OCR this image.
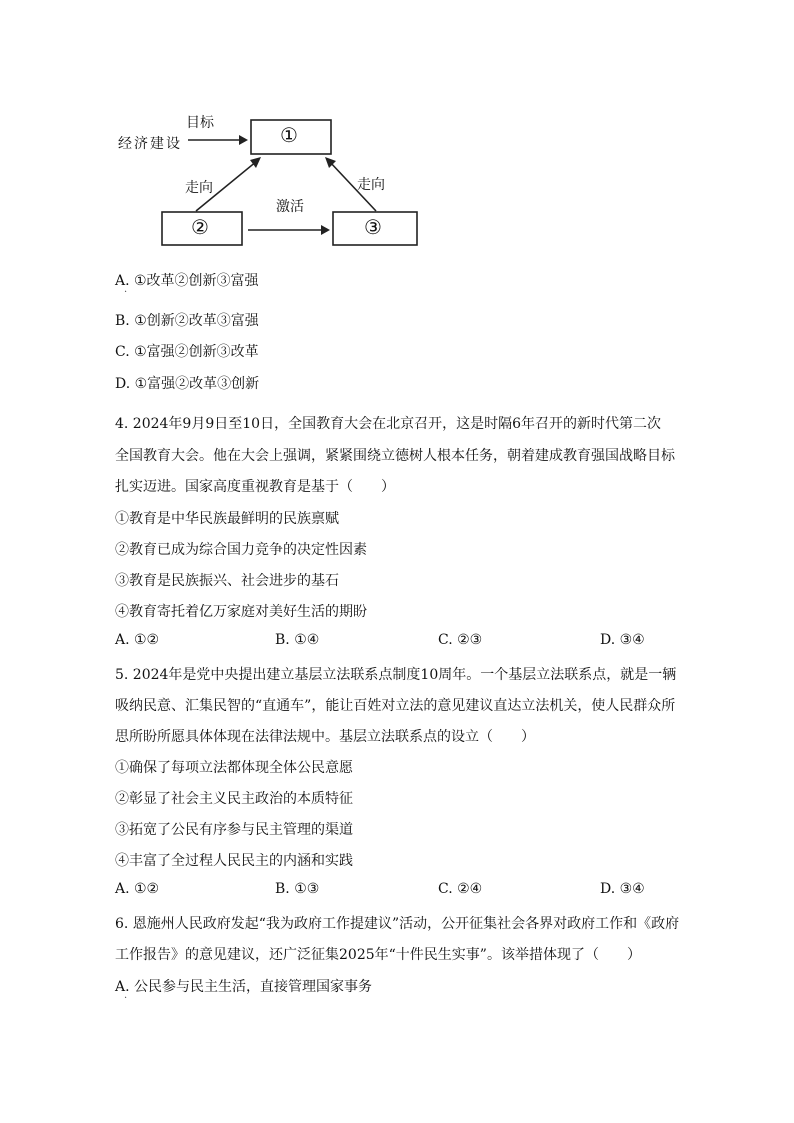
目标
经济建设
走向	走向
激活
①
②	③
A. ①改革②创新③富强
·
B. ①创新②改革③富强
C. ①富强②创新③改革
D. ①富强②改革③创新
4. 2024年9月9日至10日，全国教育大会在北京召开，这是时隔6年召开的新时代第二次
全国教育大会。他在大会上强调，紧紧围绕立德树人根本任务，朝着建成教育强国战略目标
扎实迈进。国家高度重视教育是基于（　　）
①教育是中华民族最鲜明的民族禀赋
②教育已成为综合国力竞争的决定性因素
③教育是民族振兴、社会进步的基石
④教育寄托着亿万家庭对美好生活的期盼
A. ①②	B. ①④	C. ②③	D. ③④
5. 2024年是党中央提出建立基层立法联系点制度10周年。一个基层立法联系点，就是一辆
吸纳民意、汇集民智的“直通车”，能让百姓对立法的意见建议直达立法机关，使人民群众所
思所盼所愿具体体现在法律法规中。基层立法联系点的设立（　　）
①确保了每项立法都体现全体公民意愿
②彰显了社会主义民主政治的本质特征
③拓宽了公民有序参与民主管理的渠道
④丰富了全过程人民民主的内涵和实践
A. ①②	B. ①③	C. ②④	D. ③④
6. 恩施州人民政府发起“我为政府工作提建议”活动，公开征集社会各界对政府工作和《政府
工作报告》的意见建议，还广泛征集2025年“十件民生实事”。该举措体现了（　　）
A. 公民参与民主生活，直接管理国家事务
·
